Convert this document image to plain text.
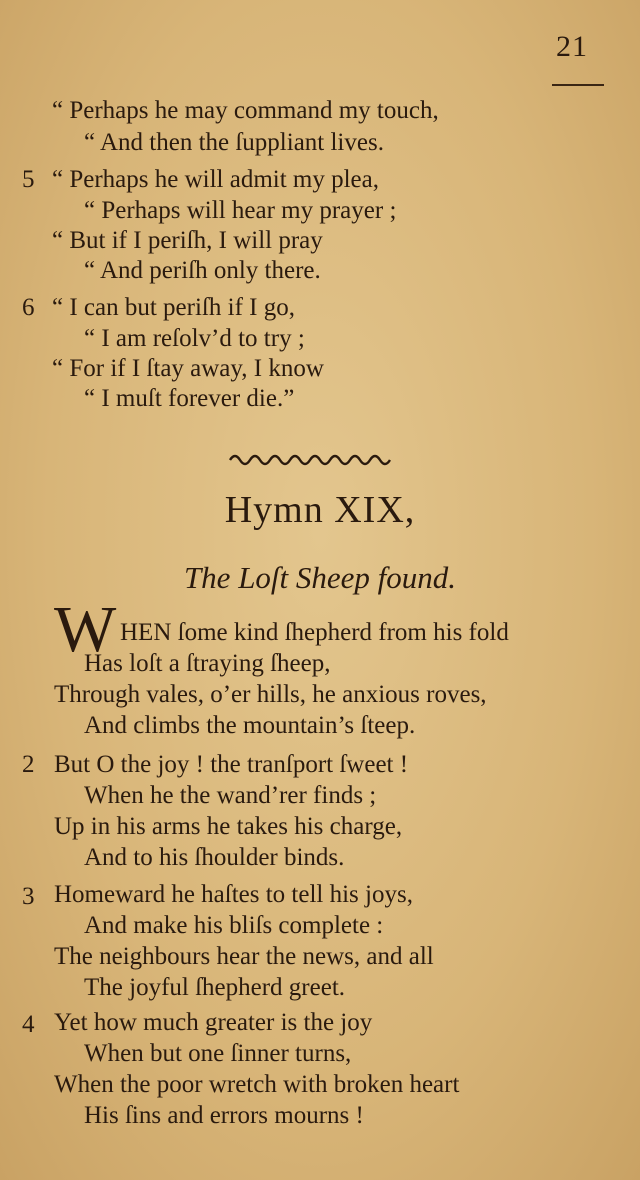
21
“ Perhaps he may command my touch,
“ And then the ſuppliant lives.
5 “ Perhaps he will admit my plea,
“ Perhaps will hear my prayer ;
“ But if I periſh, I will pray
“ And periſh only there.
6 “ I can but periſh if I go,
“ I am reſolv’d to try ;
“ For if I ſtay away, I know
“ I muſt forever die.”
Hymn XIX,
The Loſt Sheep found.
W HEN ſome kind ſhepherd from his fold
Has loſt a ſtraying ſheep,
Through vales, o’er hills, he anxious roves,
And climbs the mountain’s ſteep.
2 But O the joy ! the tranſport ſweet !
When he the wand’rer finds ;
Up in his arms he takes his charge,
And to his ſhoulder binds.
3 Homeward he haſtes to tell his joys,
And make his bliſs complete :
The neighbours hear the news, and all
The joyful ſhepherd greet.
4 Yet how much greater is the joy
When but one ſinner turns,
When the poor wretch with broken heart
His ſins and errors mourns !
